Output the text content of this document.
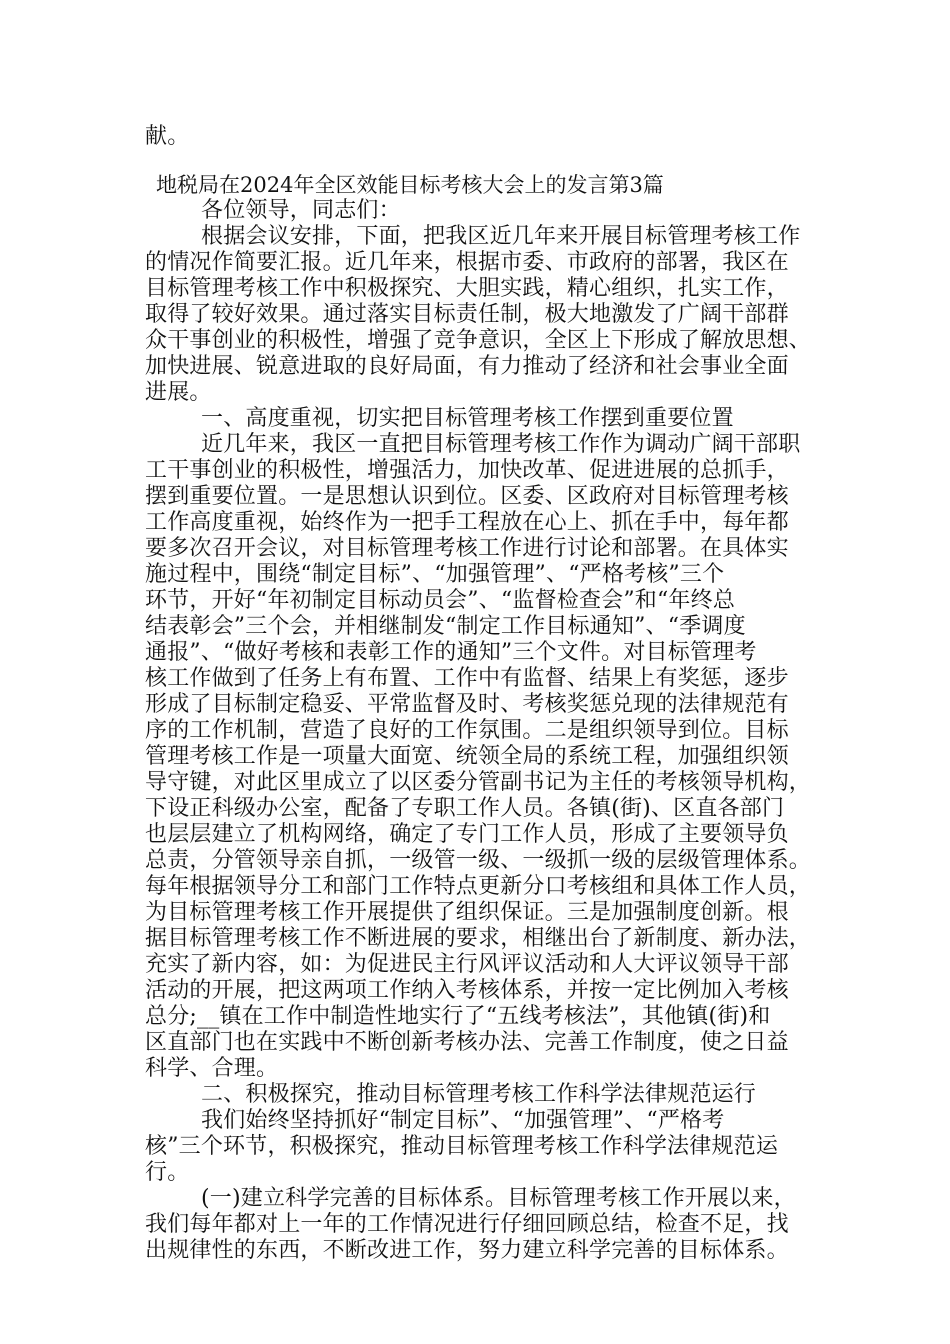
献。
地税局在2024年全区效能目标考核大会上的发言第3篇
各位领导，同志们：
根据会议安排，下面，把我区近几年来开展目标管理考核工作
的情况作简要汇报。近几年来，根据市委、市政府的部署，我区在
目标管理考核工作中积极探究、大胆实践，精心组织，扎实工作，
取得了较好效果。通过落实目标责任制，极大地激发了广阔干部群
众干事创业的积极性，增强了竞争意识，全区上下形成了解放思想、
加快进展、锐意进取的良好局面，有力推动了经济和社会事业全面
进展。
一、高度重视，切实把目标管理考核工作摆到重要位置
近几年来，我区一直把目标管理考核工作作为调动广阔干部职
工干事创业的积极性，增强活力，加快改革、促进进展的总抓手，
摆到重要位置。一是思想认识到位。区委、区政府对目标管理考核
工作高度重视，始终作为一把手工程放在心上、抓在手中，每年都
要多次召开会议，对目标管理考核工作进行讨论和部署。在具体实
施过程中，围绕“制定目标”、“加强管理”、“严格考核”三个
环节，开好“年初制定目标动员会”、“监督检查会”和“年终总
结表彰会”三个会，并相继制发“制定工作目标通知”、“季调度
通报”、“做好考核和表彰工作的通知”三个文件。对目标管理考
核工作做到了任务上有布置、工作中有监督、结果上有奖惩，逐步
形成了目标制定稳妥、平常监督及时、考核奖惩兑现的法律规范有
序的工作机制，营造了良好的工作氛围。二是组织领导到位。目标
管理考核工作是一项量大面宽、统领全局的系统工程，加强组织领
导守键，对此区里成立了以区委分管副书记为主任的考核领导机构，
下设正科级办公室，配备了专职工作人员。各镇(街)、区直各部门
也层层建立了机构网络，确定了专门工作人员，形成了主要领导负
总责，分管领导亲自抓，一级管一级、一级抓一级的层级管理体系。
每年根据领导分工和部门工作特点更新分口考核组和具体工作人员，
为目标管理考核工作开展提供了组织保证。三是加强制度创新。根
据目标管理考核工作不断进展的要求，相继出台了新制度、新办法，
充实了新内容，如：为促进民主行风评议活动和人大评议领导干部
活动的开展，把这两项工作纳入考核体系，并按一定比例加入考核
总分;__镇在工作中制造性地实行了“五线考核法”，其他镇(街)和
区直部门也在实践中不断创新考核办法、完善工作制度，使之日益
科学、合理。
二、积极探究，推动目标管理考核工作科学法律规范运行
我们始终坚持抓好“制定目标”、“加强管理”、“严格考
核”三个环节，积极探究，推动目标管理考核工作科学法律规范运
行。
(一)建立科学完善的目标体系。目标管理考核工作开展以来，
我们每年都对上一年的工作情况进行仔细回顾总结，检查不足，找
出规律性的东西，不断改进工作，努力建立科学完善的目标体系。
